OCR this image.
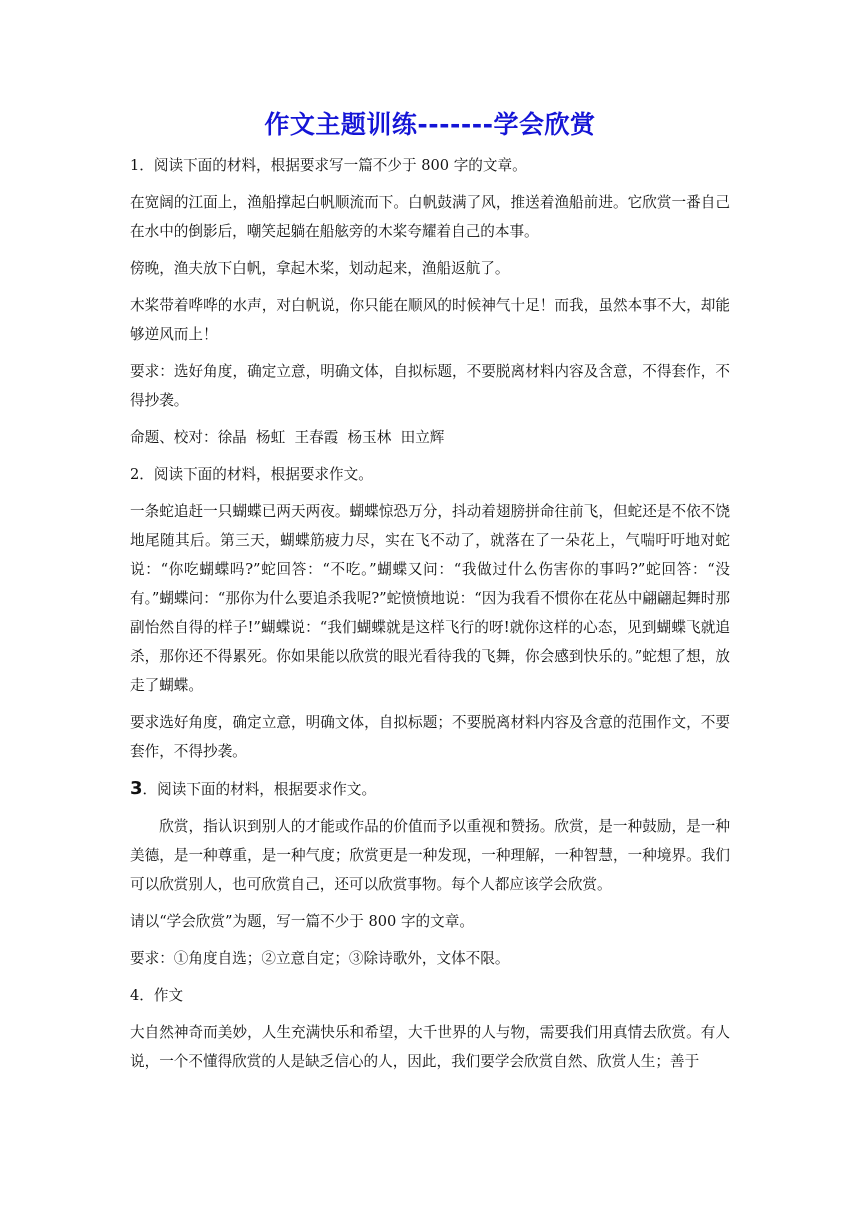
作文主题训练-------学会欣赏

1．阅读下面的材料，根据要求写一篇不少于 800 字的文章。

在宽阔的江面上，渔船撑起白帆顺流而下。白帆鼓满了风，推送着渔船前进。它欣赏一番自己在水中的倒影后，嘲笑起躺在船舷旁的木桨夸耀着自己的本事。

傍晚，渔夫放下白帆，拿起木桨，划动起来，渔船返航了。

木桨带着哗哗的水声，对白帆说，你只能在顺风的时候神气十足！而我，虽然本事不大，却能够逆风而上！

要求：选好角度，确定立意，明确文体，自拟标题，不要脱离材料内容及含意，不得套作，不得抄袭。

命题、校对：徐晶  杨虹  王春霞  杨玉林  田立辉

2．阅读下面的材料，根据要求作文。

一条蛇追赶一只蝴蝶已两天两夜。蝴蝶惊恐万分，抖动着翅膀拼命往前飞，但蛇还是不依不饶地尾随其后。第三天，蝴蝶筋疲力尽，实在飞不动了，就落在了一朵花上，气喘吁吁地对蛇说：“你吃蝴蝶吗?”蛇回答：“不吃。”蝴蝶又问：“我做过什么伤害你的事吗?”蛇回答：“没有。”蝴蝶问：“那你为什么要追杀我呢?”蛇愤愤地说：“因为我看不惯你在花丛中翩翩起舞时那副怡然自得的样子!”蝴蝶说：“我们蝴蝶就是这样飞行的呀!就你这样的心态，见到蝴蝶飞就追杀，那你还不得累死。你如果能以欣赏的眼光看待我的飞舞，你会感到快乐的。”蛇想了想，放走了蝴蝶。

要求选好角度，确定立意，明确文体，自拟标题；不要脱离材料内容及含意的范围作文，不要套作，不得抄袭。

3．阅读下面的材料，根据要求作文。

欣赏，指认识到别人的才能或作品的价值而予以重视和赞扬。欣赏，是一种鼓励，是一种美德，是一种尊重，是一种气度；欣赏更是一种发现，一种理解，一种智慧，一种境界。我们可以欣赏别人，也可欣赏自己，还可以欣赏事物。每个人都应该学会欣赏。

请以“学会欣赏”为题，写一篇不少于 800 字的文章。

要求：①角度自选；②立意自定；③除诗歌外，文体不限。

4．作文

大自然神奇而美妙，人生充满快乐和希望，大千世界的人与物，需要我们用真情去欣赏。有人说，一个不懂得欣赏的人是缺乏信心的人，因此，我们要学会欣赏自然、欣赏人生；善于
